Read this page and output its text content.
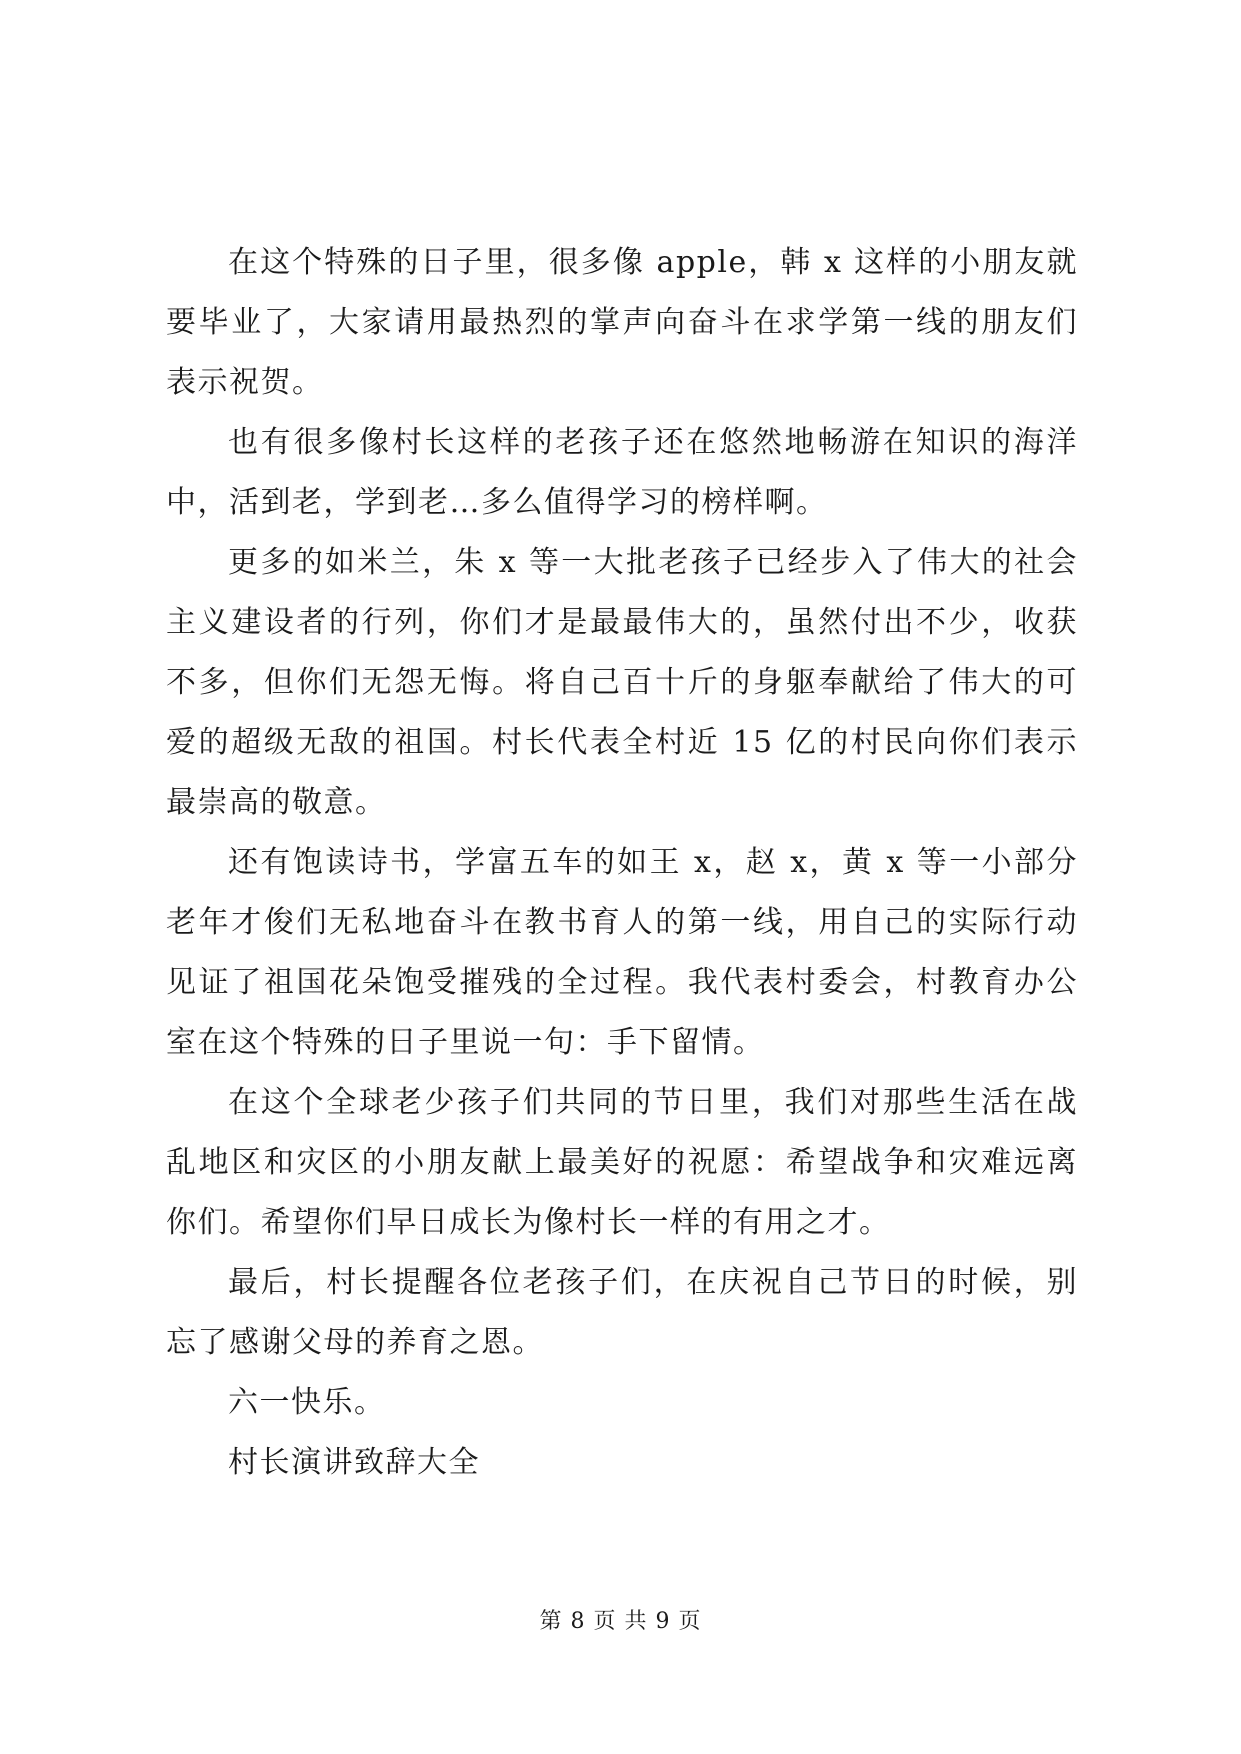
在这个特殊的日子里，很多像 apple，韩 x 这样的小朋友就要毕业了，大家请用最热烈的掌声向奋斗在求学第一线的朋友们表示祝贺。

也有很多像村长这样的老孩子还在悠然地畅游在知识的海洋中，活到老，学到老…多么值得学习的榜样啊。

更多的如米兰，朱 x 等一大批老孩子已经步入了伟大的社会主义建设者的行列，你们才是最最伟大的，虽然付出不少，收获不多，但你们无怨无悔。将自己百十斤的身躯奉献给了伟大的可爱的超级无敌的祖国。村长代表全村近 15 亿的村民向你们表示最崇高的敬意。

还有饱读诗书，学富五车的如王 x，赵 x，黄 x 等一小部分老年才俊们无私地奋斗在教书育人的第一线，用自己的实际行动见证了祖国花朵饱受摧残的全过程。我代表村委会，村教育办公室在这个特殊的日子里说一句：手下留情。

在这个全球老少孩子们共同的节日里，我们对那些生活在战乱地区和灾区的小朋友献上最美好的祝愿：希望战争和灾难远离你们。希望你们早日成长为像村长一样的有用之才。

最后，村长提醒各位老孩子们，在庆祝自己节日的时候，别忘了感谢父母的养育之恩。

六一快乐。

村长演讲致辞大全

第 8 页 共 9 页
